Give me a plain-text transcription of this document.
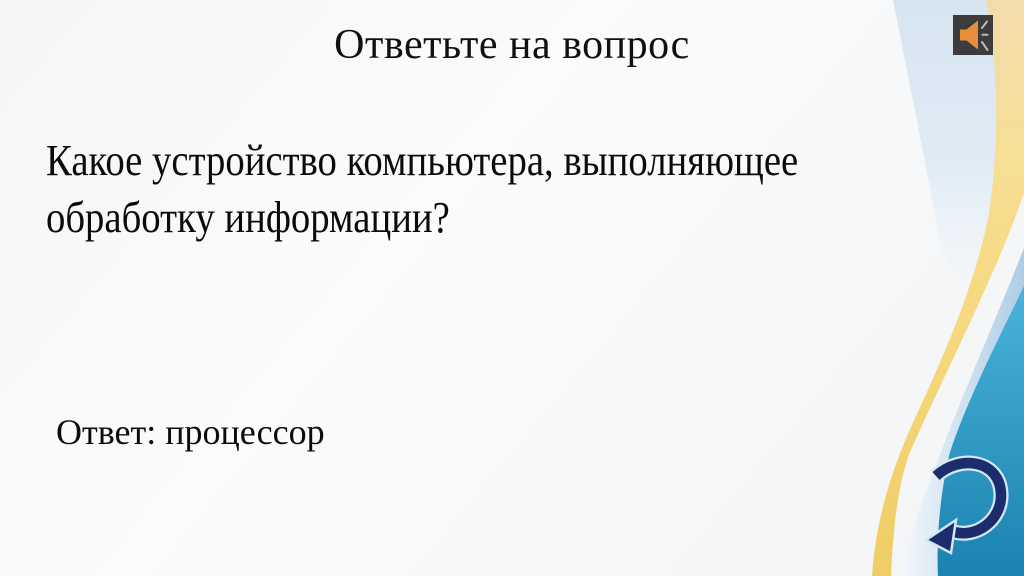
Ответьте на вопрос
Какое устройство компьютера, выполняющее
обработку информации?
Ответ: процессор
